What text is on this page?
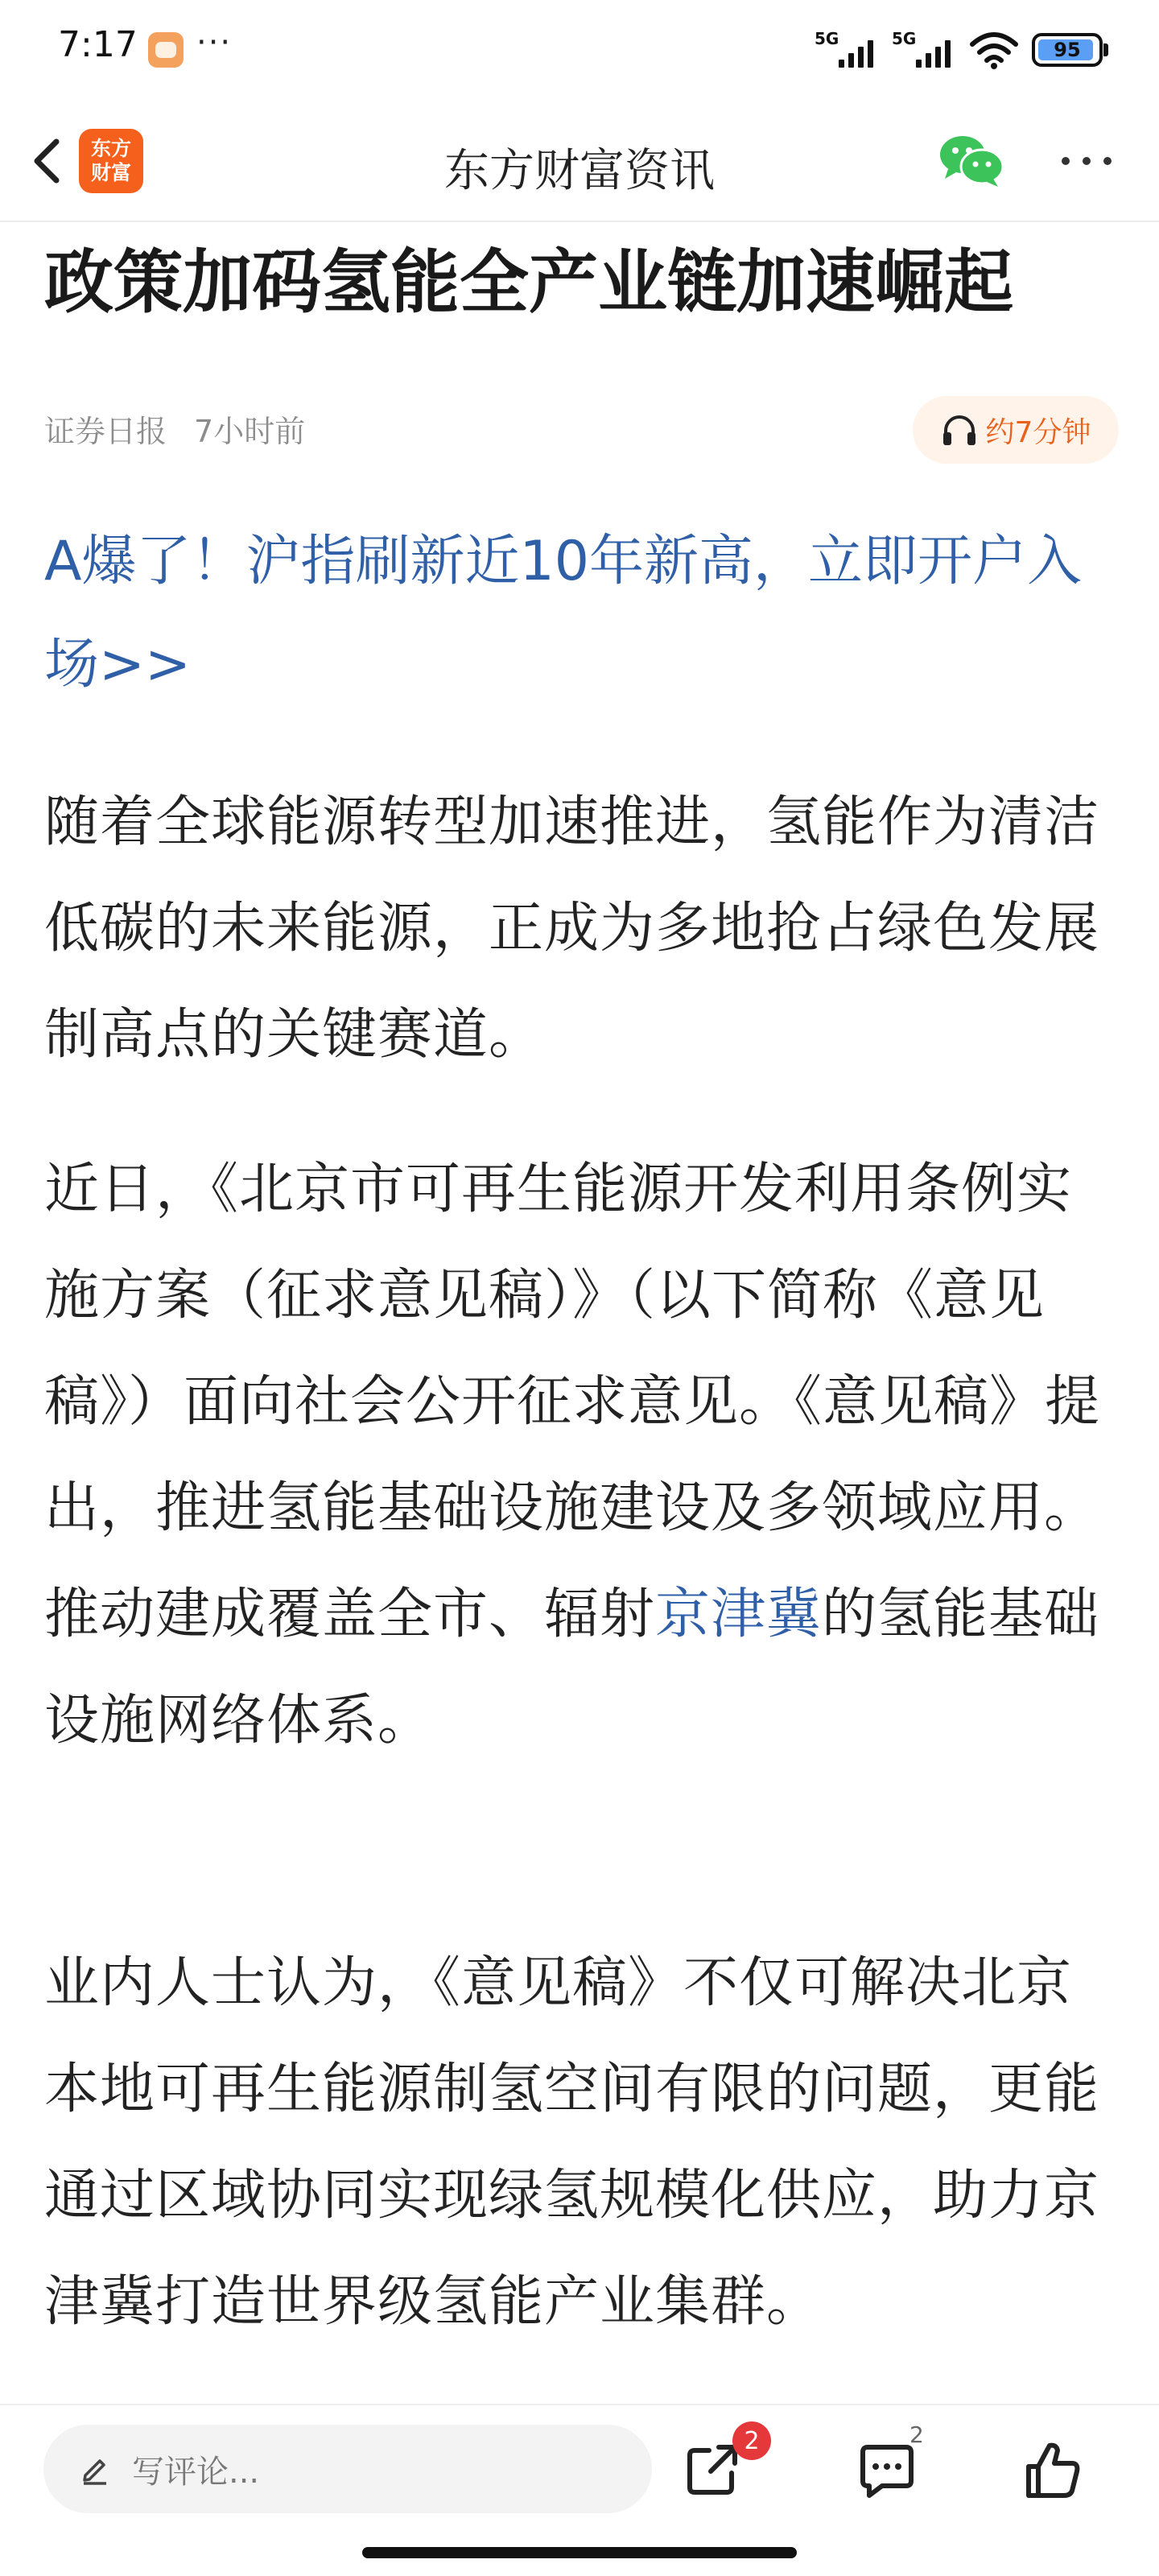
7:17 ···	5G	5G	95
东方
财富	东方财富资讯
政策加码氢能全产业链加速崛起
证券日报 7小时前	约7分钟
A爆了！沪指刷新近10年新高，立即开户入场>>
随着全球能源转型加速推进，氢能作为清洁低碳的未来能源，正成为多地抢占绿色发展制高点的关键赛道。
近日，《北京市可再生能源开发利用条例实施方案（征求意见稿）》（以下简称《意见稿》）面向社会公开征求意见。《意见稿》提出，推进氢能基础设施建设及多领域应用。推动建成覆盖全市、辐射京津冀的氢能基础设施网络体系。
业内人士认为，《意见稿》不仅可解决北京本地可再生能源制氢空间有限的问题，更能通过区域协同实现绿氢规模化供应，助力京津冀打造世界级氢能产业集群。
写评论...
2	2
